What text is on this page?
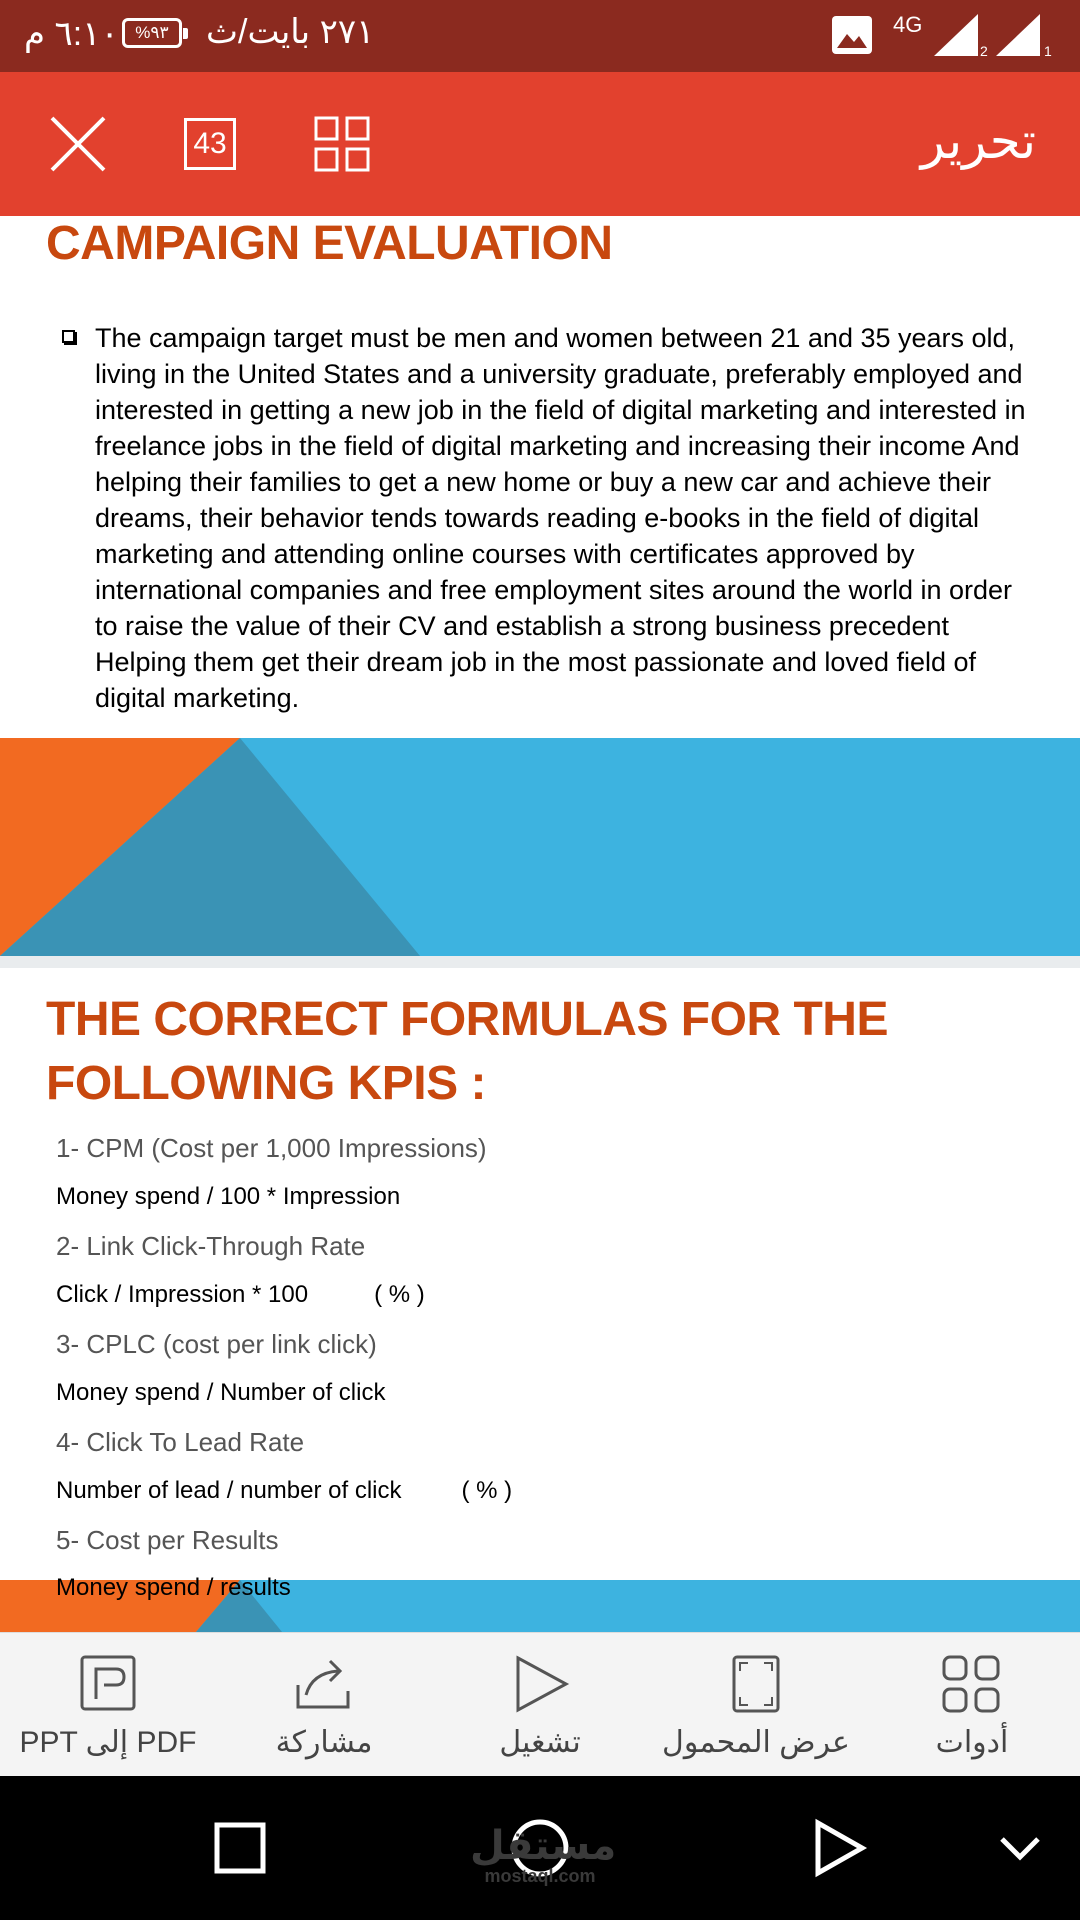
٦:١٠ م %٩٣	٢٧١ بايت/ث	4G
2	1
43	تحرير
CAMPAIGN EVALUATION

The campaign target must be men and women between 21 and 35 years old, living in the United States and a university graduate, preferably employed and interested in getting a new job in the field of digital marketing and interested in freelance jobs in the field of digital marketing and increasing their income And helping their families to get a new home or buy a new car and achieve their dreams, their behavior tends towards reading e-books in the field of digital marketing and attending online courses with certificates approved by international companies and free employment sites around the world in order to raise the value of their CV and establish a strong business precedent Helping them get their dream job in the most passionate and loved field of digital marketing.

THE CORRECT FORMULAS FOR THE FOLLOWING KPIS :
1- CPM (Cost per 1,000 Impressions)
Money spend / 100 * Impression
2- Link Click-Through Rate
Click / Impression * 100	( % )
3- CPLC (cost per link click)
Money spend / Number of click
4- Click To Lead Rate
Number of lead / number of click	( % )
5- Cost per Results
Money spend / results
PPT إلى PDF	مشاركة	تشغيل	عرض المحمول	أدوات
مستقل
mostaql.com
